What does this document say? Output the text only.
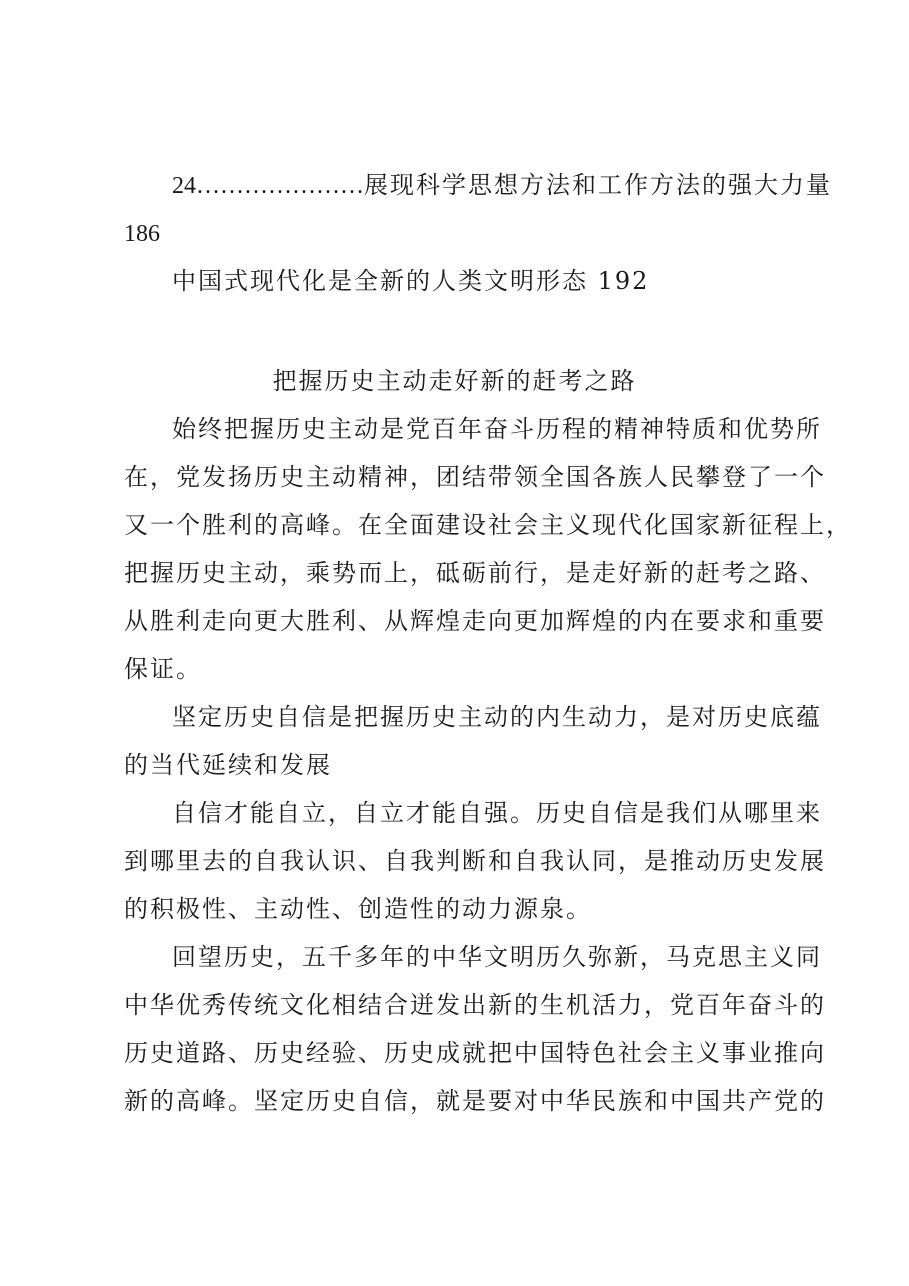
24…………………展现科学思想方法和工作方法的强大力量
186
中国式现代化是全新的人类文明形态 192
把握历史主动走好新的赶考之路
始终把握历史主动是党百年奋斗历程的精神特质和优势所
在，党发扬历史主动精神，团结带领全国各族人民攀登了一个
又一个胜利的高峰。在全面建设社会主义现代化国家新征程上，
把握历史主动，乘势而上，砥砺前行，是走好新的赶考之路、
从胜利走向更大胜利、从辉煌走向更加辉煌的内在要求和重要
保证。
坚定历史自信是把握历史主动的内生动力，是对历史底蕴
的当代延续和发展
自信才能自立，自立才能自强。历史自信是我们从哪里来
到哪里去的自我认识、自我判断和自我认同，是推动历史发展
的积极性、主动性、创造性的动力源泉。
回望历史，五千多年的中华文明历久弥新，马克思主义同
中华优秀传统文化相结合迸发出新的生机活力，党百年奋斗的
历史道路、历史经验、历史成就把中国特色社会主义事业推向
新的高峰。坚定历史自信，就是要对中华民族和中国共产党的
